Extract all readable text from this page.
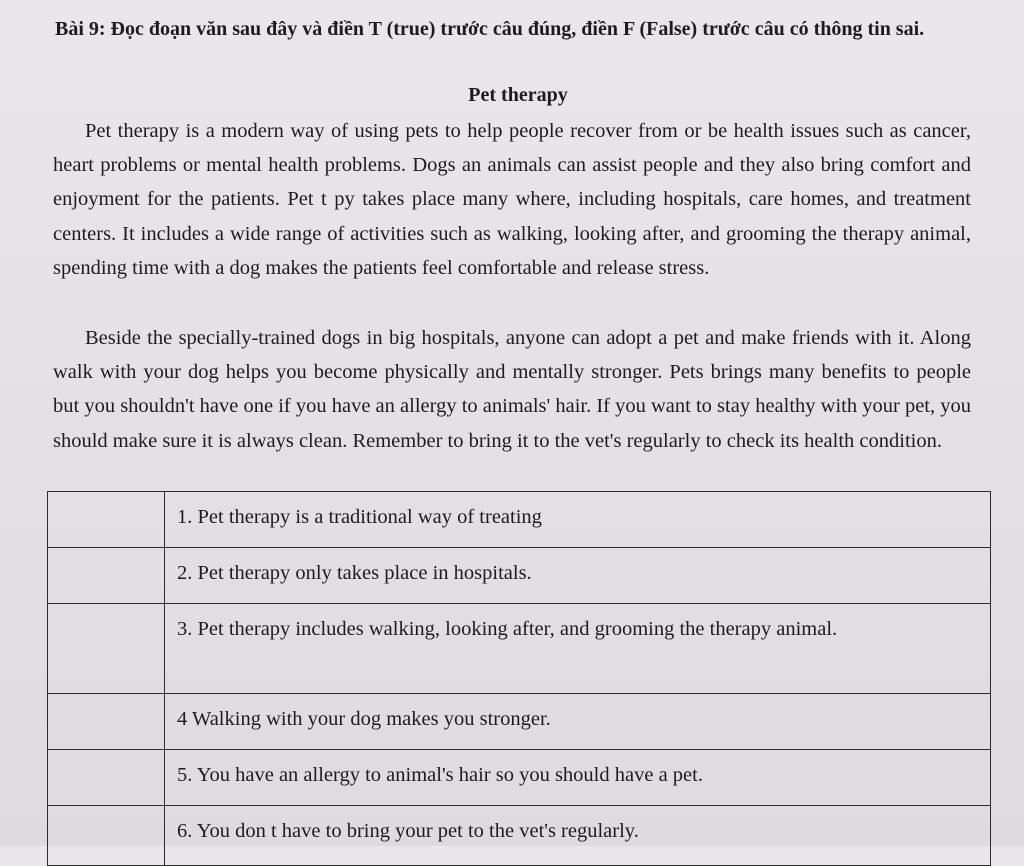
Bài 9: Đọc đoạn văn sau đây và điền T (true) trước câu đúng, điền F (False) trước câu có thông tin sai.
Pet therapy

Pet therapy is a modern way of using pets to help people recover from or be health issues such as cancer, heart problems or mental health problems. Dogs an animals can assist people and they also bring comfort and enjoyment for the patients. Pet t py takes place many where, including hospitals, care homes, and treatment centers. It includes a wide range of activities such as walking, looking after, and grooming the therapy animal, spending time with a dog makes the patients feel comfortable and release stress.

Beside the specially-trained dogs in big hospitals, anyone can adopt a pet and make friends with it. Along walk with your dog helps you become physically and mentally stronger. Pets brings many benefits to people but you shouldn't have one if you have an allergy to animals' hair. If you want to stay healthy with your pet, you should make sure it is always clean. Remember to bring it to the vet's regularly to check its health condition.

	1. Pet therapy is a traditional way of treating
	2. Pet therapy only takes place in hospitals.
	3. Pet therapy includes walking, looking after, and grooming the therapy animal.
	4 Walking with your dog makes you stronger.
	5. You have an allergy to animal's hair so you should have a pet.
	6. You don t have to bring your pet to the vet's regularly.
